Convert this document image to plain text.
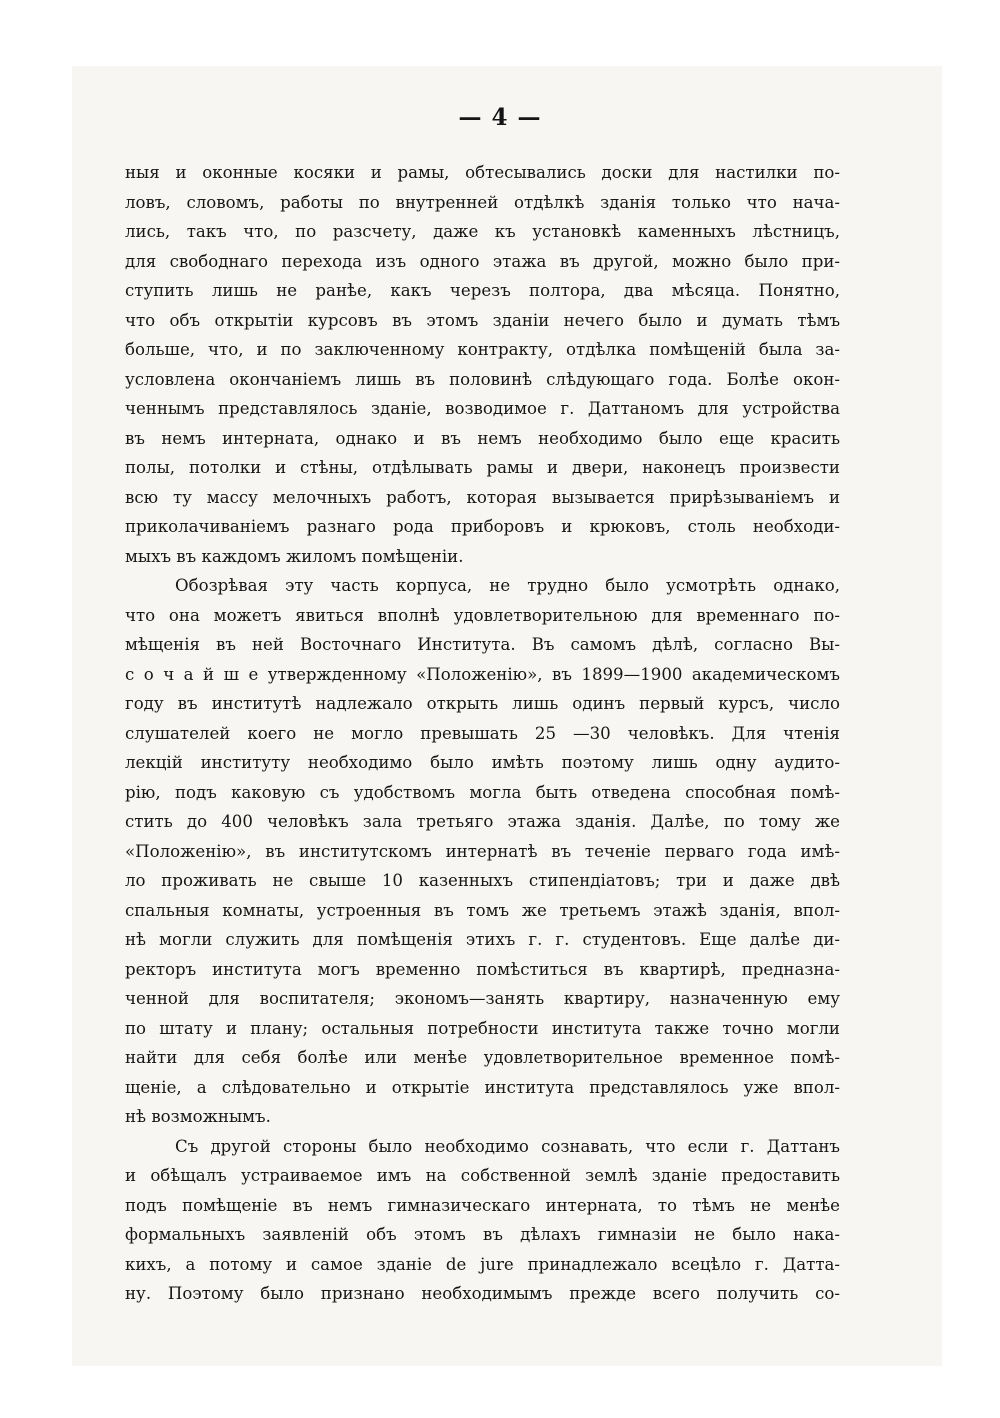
— 4 —
ныя и оконные косяки и рамы, обтесывались доски для настилки по-
ловъ, словомъ, работы по внутренней отдѣлкѣ зданія только что нача-
лись, такъ что, по разсчету, даже къ установкѣ каменныхъ лѣстницъ,
для свободнаго перехода изъ одного этажа въ другой, можно было при-
ступить лишь не ранѣе, какъ черезъ полтора, два мѣсяца. Понятно,
что объ открытіи курсовъ въ этомъ зданіи нечего было и думать тѣмъ
больше, что, и по заключенному контракту, отдѣлка помѣщеній была за-
условлена окончаніемъ лишь въ половинѣ слѣдующаго года. Болѣе окон-
ченнымъ представлялось зданіе, возводимое г. Даттаномъ для устройства
въ немъ интерната, однако и въ немъ необходимо было еще красить
полы, потолки и стѣны, отдѣлывать рамы и двери, наконецъ произвести
всю ту массу мелочныхъ работъ, которая вызывается прирѣзываніемъ и
приколачиваніемъ разнаго рода приборовъ и крюковъ, столь необходи-
мыхъ въ каждомъ жиломъ помѣщеніи.
Обозрѣвая эту часть корпуса, не трудно было усмотрѣть однако,
что она можетъ явиться вполнѣ удовлетворительною для временнаго по-
мѣщенія въ ней Восточнаго Института. Въ самомъ дѣлѣ, согласно Вы-
с о ч а й ш е утвержденному «Положенію», въ 1899—1900 академическомъ
году въ институтѣ надлежало открыть лишь одинъ первый курсъ, число
слушателей коего не могло превышать 25 —30 человѣкъ. Для чтенія
лекцій институту необходимо было имѣть поэтому лишь одну аудито-
рію, подъ каковую съ удобствомъ могла быть отведена способная помѣ-
стить до 400 человѣкъ зала третьяго этажа зданія. Далѣе, по тому же
«Положенію», въ институтскомъ интернатѣ въ теченіе перваго года имѣ-
ло проживать не свыше 10 казенныхъ стипендіатовъ; три и даже двѣ
спальныя комнаты, устроенныя въ томъ же третьемъ этажѣ зданія, впол-
нѣ могли служить для помѣщенія этихъ г. г. студентовъ. Еще далѣе ди-
ректоръ института могъ временно помѣститься въ квартирѣ, предназна-
ченной для воспитателя; экономъ—занять квартиру, назначенную ему
по штату и плану; остальныя потребности института также точно могли
найти для себя болѣе или менѣе удовлетворительное временное помѣ-
щеніе, а слѣдовательно и открытіе института представлялось уже впол-
нѣ возможнымъ.
Съ другой стороны было необходимо сознавать, что если г. Даттанъ
и обѣщалъ устраиваемое имъ на собственной землѣ зданіе предоставить
подъ помѣщеніе въ немъ гимназическаго интерната, то тѣмъ не менѣе
формальныхъ заявленій объ этомъ въ дѣлахъ гимназіи не было нака-
кихъ, а потому и самое зданіе de jure принадлежало всецѣло г. Датта-
ну. Поэтому было признано необходимымъ прежде всего получить со-
